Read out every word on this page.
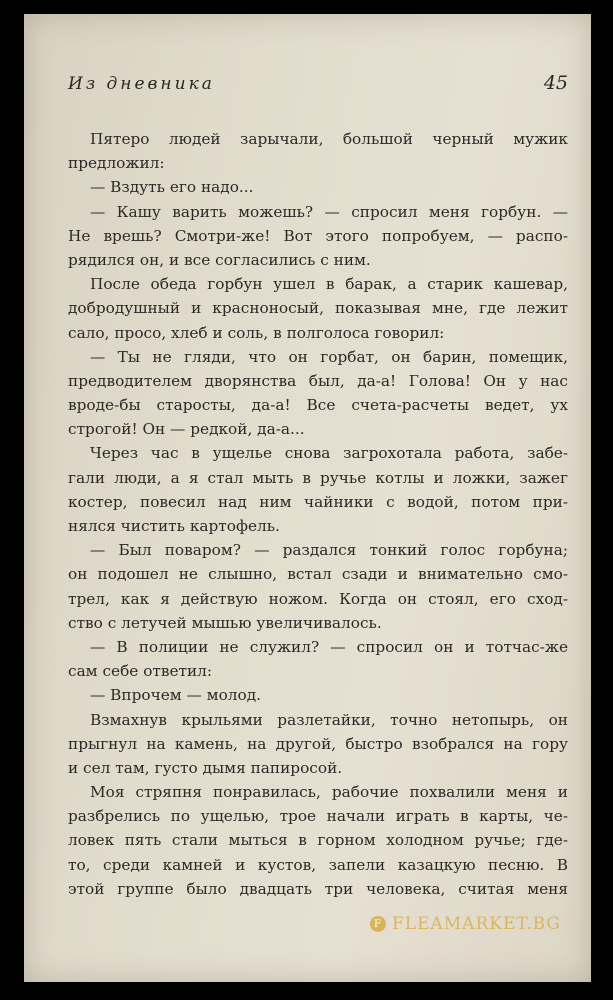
Из дневника	45
Пятеро людей зарычали, большой черный мужик
предложил:
— Вздуть его надо...
— Кашу варить можешь? — спросил меня горбун. —
Не врешь? Смотри-же! Вот этого попробуем, — распо-
рядился он, и все согласились с ним.
После обеда горбун ушел в барак, а старик кашевар,
добродушный и красноносый, показывая мне, где лежит
сало, просо, хлеб и соль, в полголоса говорил:
— Ты не гляди, что он горбат, он барин, помещик,
предводителем дворянства был, да-а! Голова! Он у нас
вроде-бы старосты, да-а! Все счета-расчеты ведет, ух
строгой! Он — редкой, да-а...
Через час в ущелье снова загрохотала работа, забе-
гали люди, а я стал мыть в ручье котлы и ложки, зажег
костер, повесил над ним чайники с водой, потом при-
нялся чистить картофель.
— Был поваром? — раздался тонкий голос горбуна;
он подошел не слышно, встал сзади и внимательно смо-
трел, как я действую ножом. Когда он стоял, его сход-
ство с летучей мышью увеличивалось.
— В полиции не служил? — спросил он и тотчас-же
сам себе ответил:
— Впрочем — молод.
Взмахнув крыльями разлетайки, точно нетопырь, он
прыгнул на камень, на другой, быстро взобрался на гору
и сел там, густо дымя папиросой.
Моя стряпня понравилась, рабочие похвалили меня и
разбрелись по ущелью, трое начали играть в карты, че-
ловек пять стали мыться в горном холодном ручье; где-
то, среди камней и кустов, запели казацкую песню. В
этой группе было двадцать три человека, считая меня
F FLEAMARKET.BG
